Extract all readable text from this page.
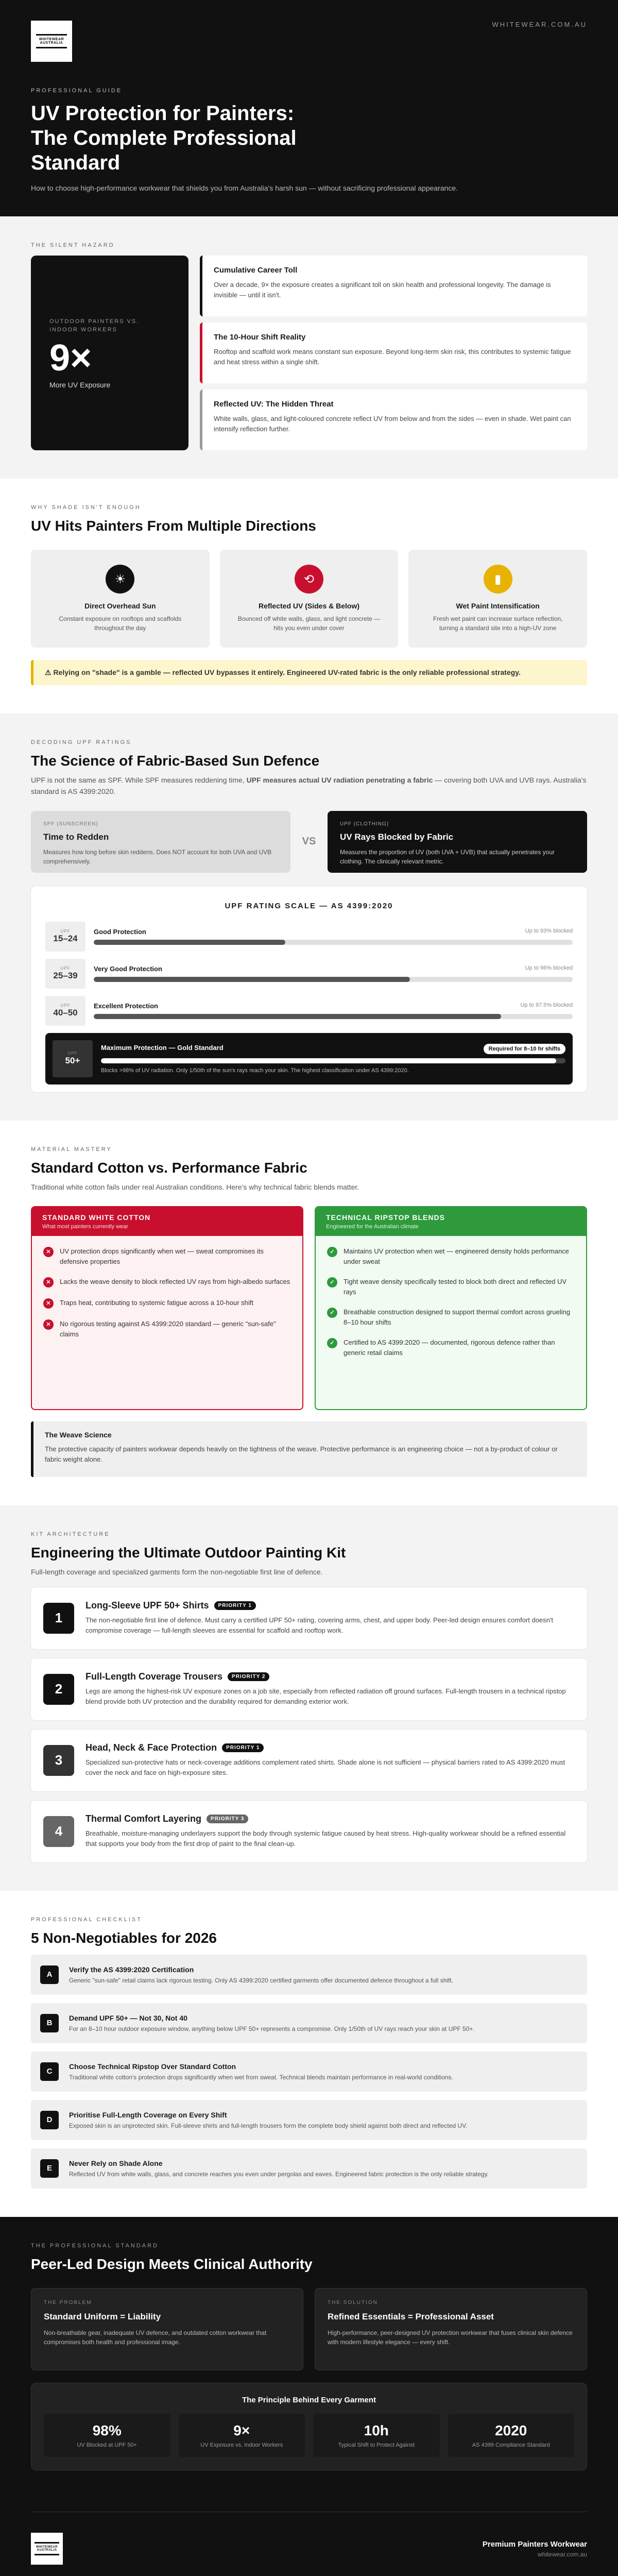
WHITEWEAR AUSTRALIA
WHITEWEAR.COM.AU
PROFESSIONAL GUIDE
UV Protection for Painters: The Complete Professional Standard

How to choose high-performance workwear that shields you from Australia's harsh sun — without sacrificing professional appearance.

THE SILENT HAZARD
OUTDOOR PAINTERS VS. INDOOR WORKERS
9×
More UV Exposure
Cumulative Career Toll
Over a decade, 9× the exposure creates a significant toll on skin health and professional longevity. The damage is invisible — until it isn't.
The 10-Hour Shift Reality
Rooftop and scaffold work means constant sun exposure. Beyond long-term skin risk, this contributes to systemic fatigue and heat stress within a single shift.
Reflected UV: The Hidden Threat
White walls, glass, and light-coloured concrete reflect UV from below and from the sides — even in shade. Wet paint can intensify reflection further.
WHY SHADE ISN'T ENOUGH
UV Hits Painters From Multiple Directions
☀
Direct Overhead Sun
Constant exposure on rooftops and scaffolds throughout the day
⟲
Reflected UV (Sides & Below)
Bounced off white walls, glass, and light concrete — hits you even under cover
▮
Wet Paint Intensification
Fresh wet paint can increase surface reflection, turning a standard site into a high-UV zone
⚠ Relying on "shade" is a gamble — reflected UV bypasses it entirely. Engineered UV-rated fabric is the only reliable professional strategy.
DECODING UPF RATINGS
The Science of Fabric-Based Sun Defence

UPF is not the same as SPF. While SPF measures reddening time, UPF measures actual UV radiation penetrating a fabric — covering both UVA and UVB rays. Australia's standard is AS 4399:2020.

SPF (SUNSCREEN)
Time to Redden
Measures how long before skin reddens. Does NOT account for both UVA and UVB comprehensively.
VS
UPF (CLOTHING)
UV Rays Blocked by Fabric
Measures the proportion of UV (both UVA + UVB) that actually penetrates your clothing. The clinically relevant metric.
UPF RATING SCALE — AS 4399:2020
UPF
15–24
Good Protection	Up to 93% blocked
UPF
25–39
Very Good Protection	Up to 96% blocked
UPF
40–50
Excellent Protection	Up to 97.5% blocked
UPF
50+
Maximum Protection — Gold Standard	Required for 8–10 hr shifts
Blocks >98% of UV radiation. Only 1/50th of the sun's rays reach your skin. The highest classification under AS 4399:2020.
MATERIAL MASTERY
Standard Cotton vs. Performance Fabric

Traditional white cotton fails under real Australian conditions. Here's why technical fabric blends matter.

STANDARD WHITE COTTON
What most painters currently wear
✕	UV protection drops significantly when wet — sweat compromises its defensive properties
✕	Lacks the weave density to block reflected UV rays from high-albedo surfaces
✕	Traps heat, contributing to systemic fatigue across a 10-hour shift
✕	No rigorous testing against AS 4399:2020 standard — generic "sun-safe" claims
TECHNICAL RIPSTOP BLENDS
Engineered for the Australian climate
✓	Maintains UV protection when wet — engineered density holds performance under sweat
✓	Tight weave density specifically tested to block both direct and reflected UV rays
✓	Breathable construction designed to support thermal comfort across grueling 8–10 hour shifts
✓	Certified to AS 4399:2020 — documented, rigorous defence rather than generic retail claims
The Weave Science
The protective capacity of painters workwear depends heavily on the tightness of the weave. Protective performance is an engineering choice — not a by-product of colour or fabric weight alone.
KIT ARCHITECTURE
Engineering the Ultimate Outdoor Painting Kit

Full-length coverage and specialized garments form the non-negotiable first line of defence.

1
Long-Sleeve UPF 50+ Shirts	PRIORITY 1
The non-negotiable first line of defence. Must carry a certified UPF 50+ rating, covering arms, chest, and upper body. Peer-led design ensures comfort doesn't compromise coverage — full-length sleeves are essential for scaffold and rooftop work.
2
Full-Length Coverage Trousers	PRIORITY 2
Legs are among the highest-risk UV exposure zones on a job site, especially from reflected radiation off ground surfaces. Full-length trousers in a technical ripstop blend provide both UV protection and the durability required for demanding exterior work.
3
Head, Neck & Face Protection	PRIORITY 1
Specialized sun-protective hats or neck-coverage additions complement rated shirts. Shade alone is not sufficient — physical barriers rated to AS 4399:2020 must cover the neck and face on high-exposure sites.
4
Thermal Comfort Layering	PRIORITY 3
Breathable, moisture-managing underlayers support the body through systemic fatigue caused by heat stress. High-quality workwear should be a refined essential that supports your body from the first drop of paint to the final clean-up.
PROFESSIONAL CHECKLIST
5 Non-Negotiables for 2026
A
Verify the AS 4399:2020 Certification
Generic "sun-safe" retail claims lack rigorous testing. Only AS 4399:2020 certified garments offer documented defence throughout a full shift.
B
Demand UPF 50+ — Not 30, Not 40
For an 8–10 hour outdoor exposure window, anything below UPF 50+ represents a compromise. Only 1/50th of UV rays reach your skin at UPF 50+.
C
Choose Technical Ripstop Over Standard Cotton
Traditional white cotton's protection drops significantly when wet from sweat. Technical blends maintain performance in real-world conditions.
D
Prioritise Full-Length Coverage on Every Shift
Exposed skin is an unprotected skin. Full-sleeve shirts and full-length trousers form the complete body shield against both direct and reflected UV.
E
Never Rely on Shade Alone
Reflected UV from white walls, glass, and concrete reaches you even under pergolas and eaves. Engineered fabric protection is the only reliable strategy.
THE PROFESSIONAL STANDARD
Peer-Led Design Meets Clinical Authority
THE PROBLEM
Standard Uniform = Liability
Non-breathable gear, inadequate UV defence, and outdated cotton workwear that compromises both health and professional image.
THE SOLUTION
Refined Essentials = Professional Asset
High-performance, peer-designed UV protection workwear that fuses clinical skin defence with modern lifestyle elegance — every shift.
The Principle Behind Every Garment
98%
UV Blocked at UPF 50+
9×
UV Exposure vs. Indoor Workers
10h
Typical Shift to Protect Against
2020
AS 4399 Compliance Standard
WHITEWEAR AUSTRALIA
Premium Painters Workwear
whitewear.com.au
